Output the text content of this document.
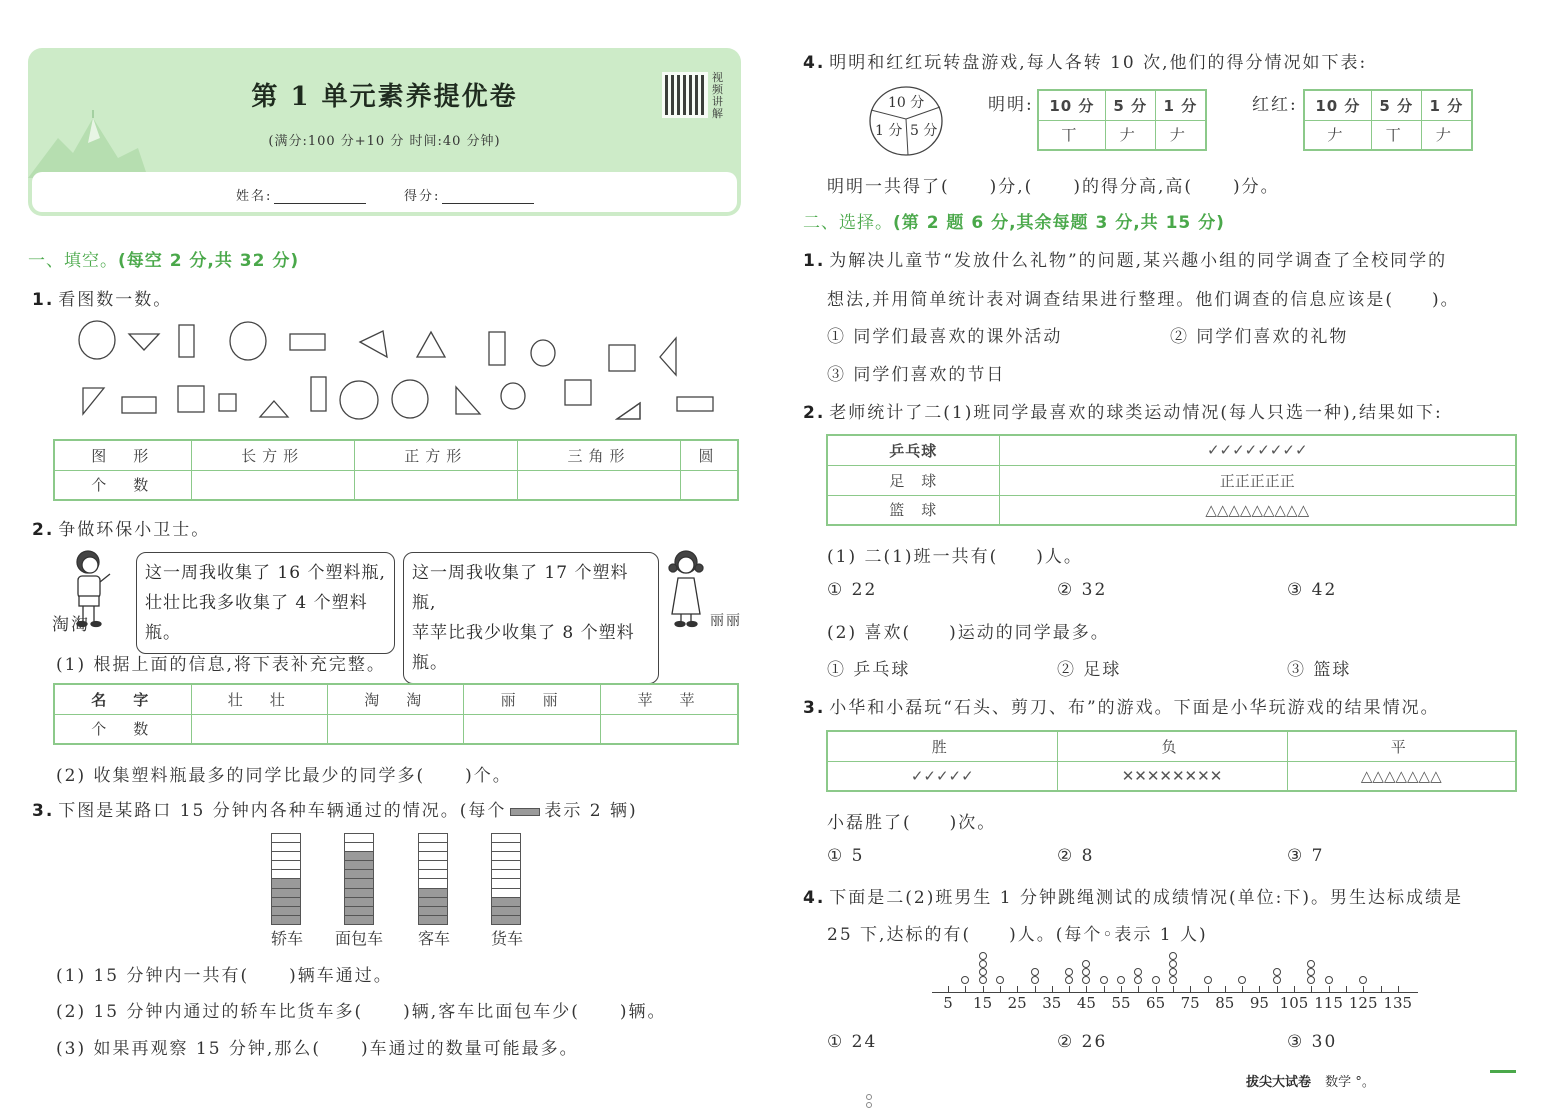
第 1 单元素养提优卷
(满分:100 分+10 分 时间:40 分钟)
视频讲解
姓名:	得分:
一、填空。(每空 2 分,共 32 分)
1. 看图数一数。
图　形	长方形	正方形	三角形	圆
个　数				
2. 争做环保小卫士。
淘淘
这一周我收集了 16 个塑料瓶,
壮壮比我多收集了 4 个塑料瓶。
这一周我收集了 17 个塑料瓶,
苹苹比我少收集了 8 个塑料瓶。
丽丽
(1) 根据上面的信息,将下表补充完整。
名　字	壮　壮	淘　淘	丽　丽	苹　苹
个　数				
(2) 收集塑料瓶最多的同学比最少的同学多( )个。
3. 下图是某路口 15 分钟内各种车辆通过的情况。(每个 表示 2 辆)
轿车 面包车 客车	货车
(1) 15 分钟内一共有( )辆车通过。
(2) 15 分钟内通过的轿车比货车多( )辆,客车比面包车少( )辆。
(3) 如果再观察 15 分钟,那么( )车通过的数量可能最多。
4. 明明和红红玩转盘游戏,每人各转 10 次,他们的得分情况如下表:
10 分
1 分 5 分
明明: 10 分	5 分	1 分
丅	𠂇	𠂇
红红: 10 分	5 分	1 分
𠂇	丅	𠂇
明明一共得了( )分,( )的得分高,高( )分。
二、选择。(第 2 题 6 分,其余每题 3 分,共 15 分)
1. 为解决儿童节“发放什么礼物”的问题,某兴趣小组的同学调查了全校同学的
想法,并用简单统计表对调查结果进行整理。他们调查的信息应该是(　　)。
① 同学们最喜欢的课外活动	② 同学们喜欢的礼物
③ 同学们喜欢的节日
2. 老师统计了二(1)班同学最喜欢的球类运动情况(每人只选一种),结果如下:
乒乓球	✓✓✓✓✓✓✓✓
足　球	正正正正正
篮　球	△△△△△△△△△
(1) 二(1)班一共有(　　)人。
① 22	② 32	③ 42
(2) 喜欢(　　)运动的同学最多。
① 乒乓球	② 足球	③ 篮球
3. 小华和小磊玩“石头、剪刀、布”的游戏。下面是小华玩游戏的结果情况。
胜	负	平
✓✓✓✓✓	✕✕✕✕✕✕✕✕	△△△△△△△
小磊胜了(　　)次。
① 5	② 8	③ 7
4. 下面是二(2)班男生 1 分钟跳绳测试的成绩情况(单位:下)。男生达标成绩是
25 下,达标的有(　　)人。(每个◦表示 1 人)
5	15	25	35	45	55	65	75	85	95 105 115 125 135
① 24	② 26	③ 30
拔尖大试卷 数学 °。
